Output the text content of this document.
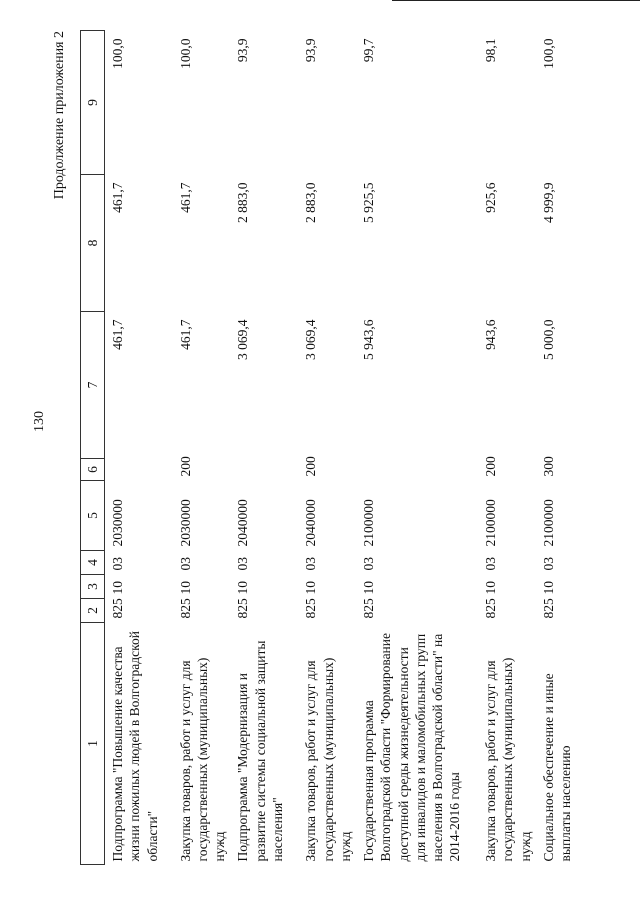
130
Продолжение приложения 2
1	2	3	4	5	6	7	8	9
Подпрограмма "Повышение качества жизни пожилых людей в Волгоградской области"	825	10	03	2030000		461,7	461,7	100,0
Закупка товаров, работ и услуг для государственных (муниципальных) нужд	825	10	03	2030000	200	461,7	461,7	100,0
Подпрограмма "Модернизация и развитие системы социальной защиты населения"	825	10	03	2040000		3 069,4	2 883,0	93,9
Закупка товаров, работ и услуг для государственных (муниципальных) нужд	825	10	03	2040000	200	3 069,4	2 883,0	93,9
Государственная программа Волгоградской области "Формирование доступной среды жизнедеятельности для инвалидов и маломобильных групп населения в Волгоградской области" на 2014-2016 годы	825	10	03	2100000		5 943,6	5 925,5	99,7
Закупка товаров, работ и услуг для государственных (муниципальных) нужд	825	10	03	2100000	200	943,6	925,6	98,1
Социальное обеспечение и иные выплаты населению	825	10	03	2100000	300	5 000,0	4 999,9	100,0
